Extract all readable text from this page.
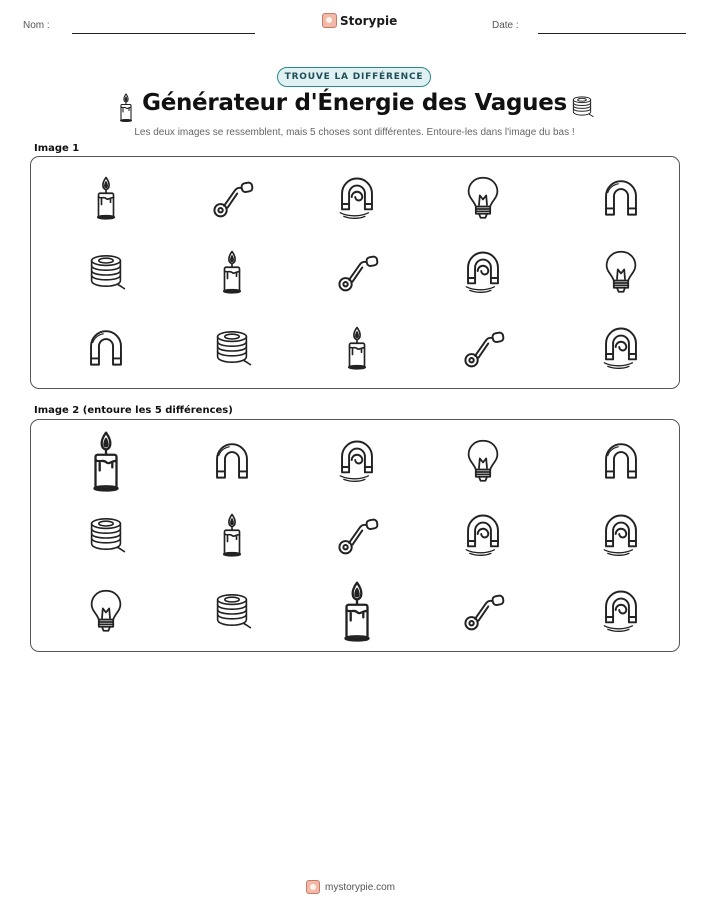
Nom :	Storypie	Date :
TROUVE LA DIFFÉRENCE
Générateur d'Énergie des Vagues
Les deux images se ressemblent, mais 5 choses sont différentes. Entoure-les dans l'image du bas !
Image 1
Image 2 (entoure les 5 différences)
mystorypie.com
